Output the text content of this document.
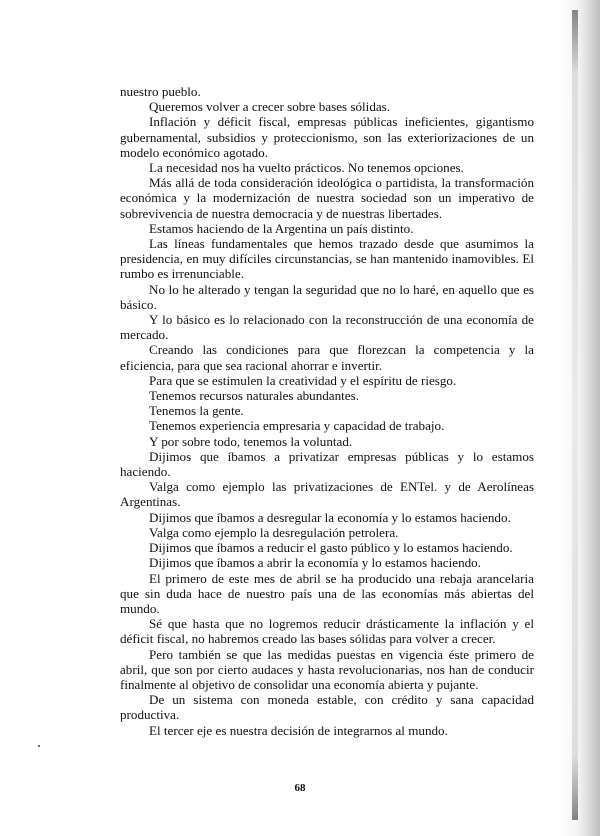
nuestro pueblo.

Queremos volver a crecer sobre bases sólidas.

Inflación y déficit fiscal, empresas públicas ineficientes, gigantismo gubernamental, subsidios y proteccionismo, son las exteriorizaciones de un modelo económico agotado.

La necesidad nos ha vuelto prácticos. No tenemos opciones.

Más allá de toda consideración ideológica o partidista, la transformación económica y la modernización de nuestra sociedad son un imperativo de sobrevivencia de nuestra democracia y de nuestras libertades.

Estamos haciendo de la Argentina un país distinto.

Las líneas fundamentales que hemos trazado desde que asumimos la presidencia, en muy difíciles circunstancias, se han mantenido inamovibles. El rumbo es irrenunciable.

No lo he alterado y tengan la seguridad que no lo haré, en aquello que es básico.

Y lo básico es lo relacionado con la reconstrucción de una economía de mercado.

Creando las condiciones para que florezcan la competencia y la eficiencia, para que sea racional ahorrar e invertir.

Para que se estimulen la creatividad y el espíritu de riesgo.

Tenemos recursos naturales abundantes.

Tenemos la gente.

Tenemos experiencia empresaria y capacidad de trabajo.

Y por sobre todo, tenemos la voluntad.

Dijimos que íbamos a privatizar empresas públicas y lo estamos haciendo.

Valga como ejemplo las privatizaciones de ENTel. y de Aerolíneas Argentinas.

Dijimos que íbamos a desregular la economía y lo estamos haciendo.

Valga como ejemplo la desregulación petrolera.

Dijimos que íbamos a reducir el gasto público y lo estamos haciendo.

Dijimos que íbamos a abrir la economía y lo estamos haciendo.

El primero de este mes de abril se ha producido una rebaja arancelaria que sin duda hace de nuestro país una de las economías más abiertas del mundo.

Sé que hasta que no logremos reducir drásticamente la inflación y el déficit fiscal, no habremos creado las bases sólidas para volver a crecer.

Pero también se que las medidas puestas en vigencia éste primero de abril, que son por cierto audaces y hasta revolucionarias, nos han de conducir finalmente al objetivo de consolidar una economía abierta y pujante.

De un sistema con moneda estable, con crédito y sana capacidad productiva.

El tercer eje es nuestra decisión de integrarnos al mundo.

68
